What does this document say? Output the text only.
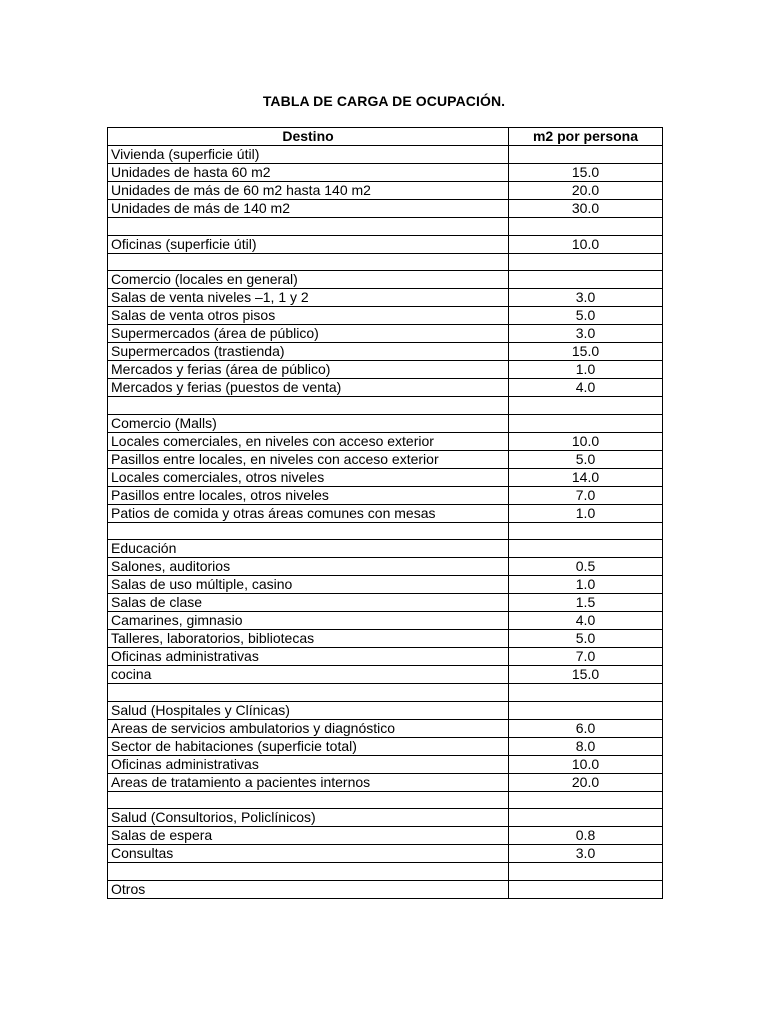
TABLA DE CARGA DE OCUPACIÓN.
Destino	m2 por persona
Vivienda (superficie útil)	
Unidades de hasta 60 m2	15.0
Unidades de más de 60 m2 hasta 140 m2	20.0
Unidades de más de 140 m2	30.0

Oficinas (superficie útil)	10.0

Comercio (locales en general)	
Salas de venta niveles –1, 1 y 2	3.0
Salas de venta otros pisos	5.0
Supermercados (área de público)	3.0
Supermercados (trastienda)	15.0
Mercados y ferias (área de público)	1.0
Mercados y ferias (puestos de venta)	4.0

Comercio (Malls)	
Locales comerciales, en niveles con acceso exterior	10.0
Pasillos entre locales, en niveles con acceso exterior	5.0
Locales comerciales, otros niveles	14.0
Pasillos entre locales, otros niveles	7.0
Patios de comida y otras áreas comunes con mesas	1.0

Educación	
Salones, auditorios	0.5
Salas de uso múltiple, casino	1.0
Salas de clase	1.5
Camarines, gimnasio	4.0
Talleres, laboratorios, bibliotecas	5.0
Oficinas administrativas	7.0
cocina	15.0

Salud (Hospitales y Clínicas)	
Areas de servicios ambulatorios y diagnóstico	6.0
Sector de habitaciones (superficie total)	8.0
Oficinas administrativas	10.0
Areas de tratamiento a pacientes internos	20.0

Salud (Consultorios, Policlínicos)	
Salas de espera	0.8
Consultas	3.0

Otros	
